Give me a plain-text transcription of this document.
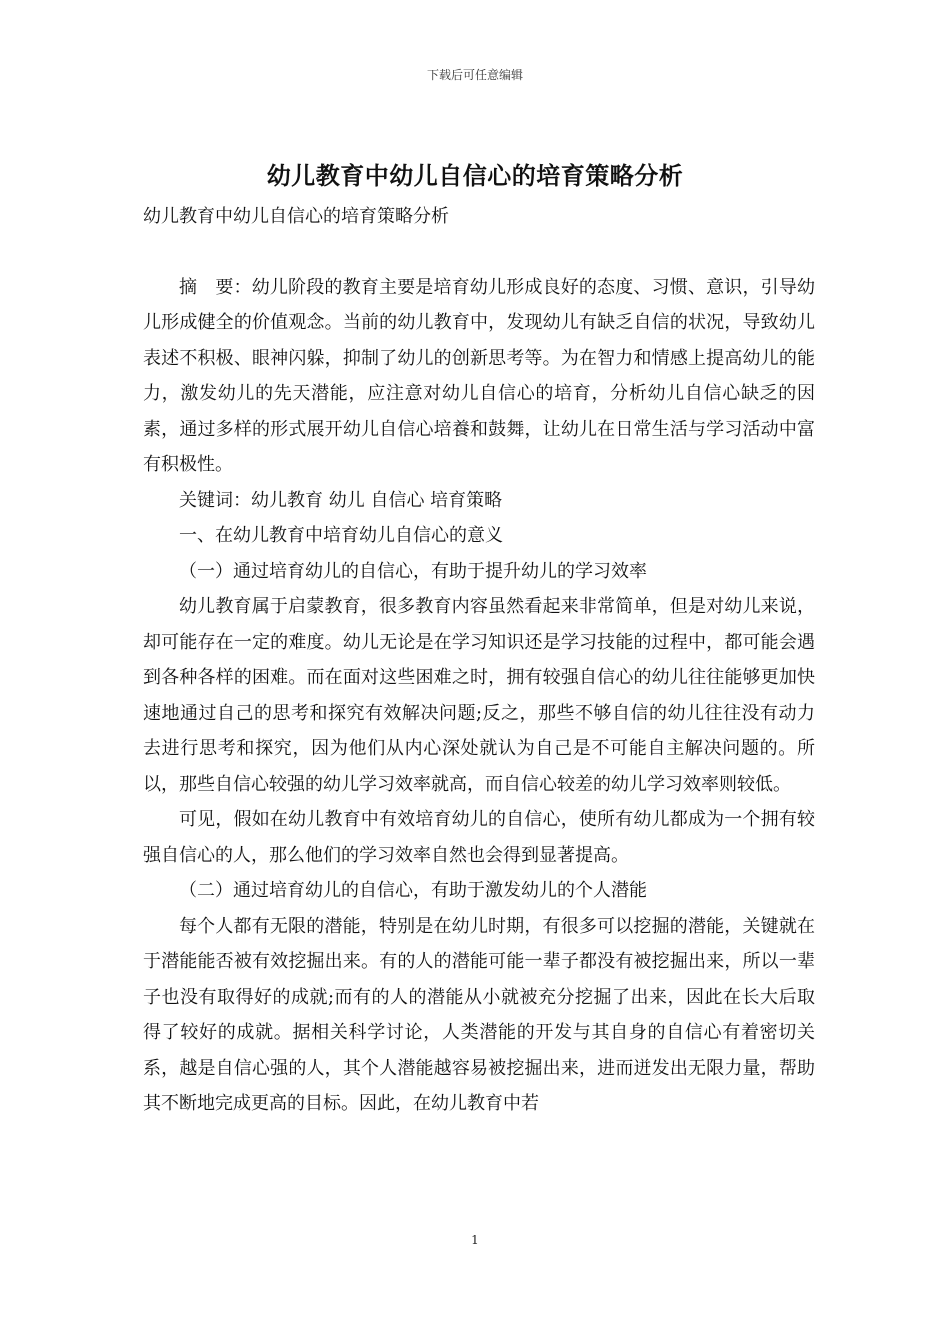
下载后可任意编辑
幼儿教育中幼儿自信心的培育策略分析

幼儿教育中幼儿自信心的培育策略分析

摘　要：幼儿阶段的教育主要是培育幼儿形成良好的态度、习惯、意识，引导幼儿形成健全的价值观念。当前的幼儿教育中，发现幼儿有缺乏自信的状况，导致幼儿表述不积极、眼神闪躲，抑制了幼儿的创新思考等。为在智力和情感上提高幼儿的能力，激发幼儿的先天潜能，应注意对幼儿自信心的培育，分析幼儿自信心缺乏的因素，通过多样的形式展开幼儿自信心培養和鼓舞，让幼儿在日常生活与学习活动中富有积极性。

关键词：幼儿教育 幼儿 自信心 培育策略

一、在幼儿教育中培育幼儿自信心的意义

（一）通过培育幼儿的自信心，有助于提升幼儿的学习效率

幼儿教育属于启蒙教育，很多教育内容虽然看起来非常简单，但是对幼儿来说，却可能存在一定的难度。幼儿无论是在学习知识还是学习技能的过程中，都可能会遇到各种各样的困难。而在面对这些困难之时，拥有较强自信心的幼儿往往能够更加快速地通过自己的思考和探究有效解决问题;反之，那些不够自信的幼儿往往没有动力去进行思考和探究，因为他们从内心深处就认为自己是不可能自主解决问题的。所以，那些自信心较强的幼儿学习效率就高，而自信心较差的幼儿学习效率则较低。

可见，假如在幼儿教育中有效培育幼儿的自信心，使所有幼儿都成为一个拥有较强自信心的人，那么他们的学习效率自然也会得到显著提高。

（二）通过培育幼儿的自信心，有助于激发幼儿的个人潜能

每个人都有无限的潜能，特别是在幼儿时期，有很多可以挖掘的潜能，关键就在于潜能能否被有效挖掘出来。有的人的潜能可能一辈子都没有被挖掘出来，所以一辈子也没有取得好的成就;而有的人的潜能从小就被充分挖掘了出来，因此在长大后取得了较好的成就。据相关科学讨论，人类潜能的开发与其自身的自信心有着密切关系，越是自信心强的人，其个人潜能越容易被挖掘出来，进而迸发出无限力量，帮助其不断地完成更高的目标。因此，在幼儿教育中若

1
